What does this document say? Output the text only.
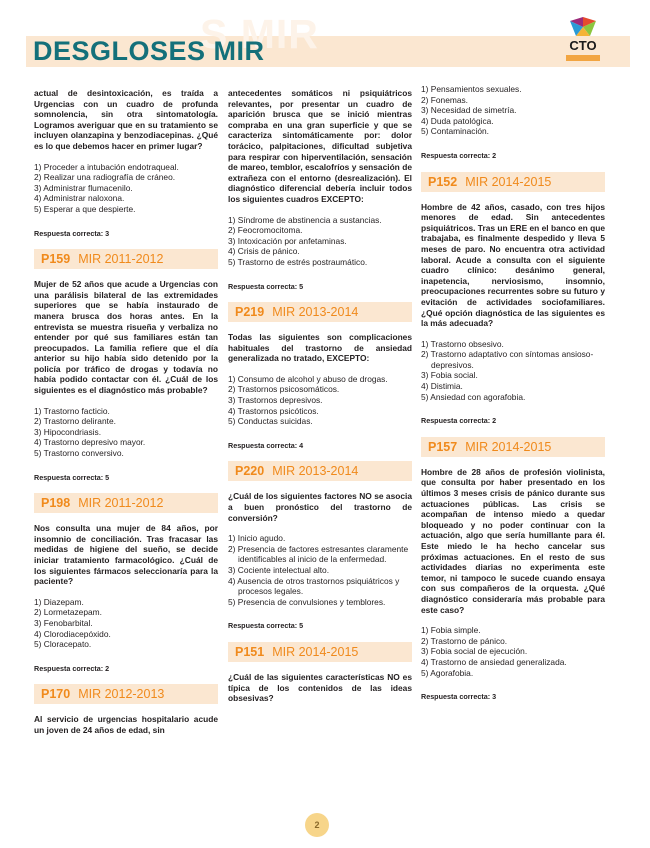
S MIR
DESGLOSES MIR	CTO

actual de desintoxicación, es traída a Urgencias con un cuadro de profunda somnolencia, sin otra sintomatología. Logramos averiguar que en su tratamiento se incluyen olanzapina y benzodiacepinas. ¿Qué es lo que debemos hacer en primer lugar?

1) Proceder a intubación endotraqueal.
2) Realizar una radiografía de cráneo.
3) Administrar flumacenilo.
4) Administrar naloxona.
5) Esperar a que despierte.
Respuesta correcta: 3
P159 MIR 2011-2012

Mujer de 52 años que acude a Urgencias con una parálisis bilateral de las extremidades superiores que se había instaurado de manera brusca dos horas antes. En la entrevista se muestra risueña y verbaliza no entender por qué sus familiares están tan preocupados. La familia refiere que el día anterior su hijo había sido detenido por la policía por tráfico de drogas y todavía no había podido contactar con él. ¿Cuál de los siguientes es el diagnóstico más probable?

1) Trastorno facticio.
2) Trastorno delirante.
3) Hipocondriasis.
4) Trastorno depresivo mayor.
5) Trastorno conversivo.
Respuesta correcta: 5
P198 MIR 2011-2012

Nos consulta una mujer de 84 años, por insomnio de conciliación. Tras fracasar las medidas de higiene del sueño, se decide iniciar tratamiento farmacológico. ¿Cuál de los siguientes fármacos seleccionaría para la paciente?

1) Diazepam.
2) Lormetazepam.
3) Fenobarbital.
4) Clorodiacepóxido.
5) Cloracepato.
Respuesta correcta: 2
P170 MIR 2012-2013

Al servicio de urgencias hospitalario acude un joven de 24 años de edad, sin

antecedentes somáticos ni psiquiátricos relevantes, por presentar un cuadro de aparición brusca que se inició mientras compraba en una gran superficie y que se caracteriza sintomáticamente por: dolor torácico, palpitaciones, dificultad subjetiva para respirar con hiperventilación, sensación de mareo, temblor, escalofríos y sensación de extrañeza con el entorno (desrealización). El diagnóstico diferencial debería incluir todos los siguientes cuadros EXCEPTO:

1) Síndrome de abstinencia a sustancias.
2) Feocromocitoma.
3) Intoxicación por anfetaminas.
4) Crisis de pánico.
5) Trastorno de estrés postraumático.
Respuesta correcta: 5
P219 MIR 2013-2014

Todas las siguientes son complicaciones habituales del trastorno de ansiedad generalizada no tratado, EXCEPTO:

1) Consumo de alcohol y abuso de drogas.
2) Trastornos psicosomáticos.
3) Trastornos depresivos.
4) Trastornos psicóticos.
5) Conductas suicidas.
Respuesta correcta: 4
P220 MIR 2013-2014

¿Cuál de los siguientes factores NO se asocia a buen pronóstico del trastorno de conversión?

1) Inicio agudo.
2) Presencia de factores estresantes claramente identificables al inicio de la enfermedad.
3) Cociente intelectual alto.
4) Ausencia de otros trastornos psiquiátricos y procesos legales.
5) Presencia de convulsiones y temblores.
Respuesta correcta: 5
P151 MIR 2014-2015

¿Cuál de las siguientes características NO es típica de los contenidos de las ideas obsesivas?

1) Pensamientos sexuales.
2) Fonemas.
3) Necesidad de simetría.
4) Duda patológica.
5) Contaminación.
Respuesta correcta: 2
P152 MIR 2014-2015

Hombre de 42 años, casado, con tres hijos menores de edad. Sin antecedentes psiquiátricos. Tras un ERE en el banco en que trabajaba, es finalmente despedido y lleva 5 meses de paro. No encuentra otra actividad laboral. Acude a consulta con el siguiente cuadro clínico: desánimo general, inapetencia, nerviosismo, insomnio, preocupaciones recurrentes sobre su futuro y evitación de actividades sociofamiliares. ¿Qué opción diagnóstica de las siguientes es la más adecuada?

1) Trastorno obsesivo.
2) Trastorno adaptativo con síntomas ansioso-depresivos.
3) Fobia social.
4) Distimia.
5) Ansiedad con agorafobia.
Respuesta correcta: 2
P157 MIR 2014-2015

Hombre de 28 años de profesión violinista, que consulta por haber presentado en los últimos 3 meses crisis de pánico durante sus actuaciones públicas. Las crisis se acompañan de intenso miedo a quedar bloqueado y no poder continuar con la actuación, algo que sería humillante para él. Este miedo le ha hecho cancelar sus próximas actuaciones. En el resto de sus actividades diarias no experimenta este temor, ni tampoco le sucede cuando ensaya con sus compañeros de la orquesta. ¿Qué diagnóstico consideraría más probable para este caso?

1) Fobia simple.
2) Trastorno de pánico.
3) Fobia social de ejecución.
4) Trastorno de ansiedad generalizada.
5) Agorafobia.
Respuesta correcta: 3
2
